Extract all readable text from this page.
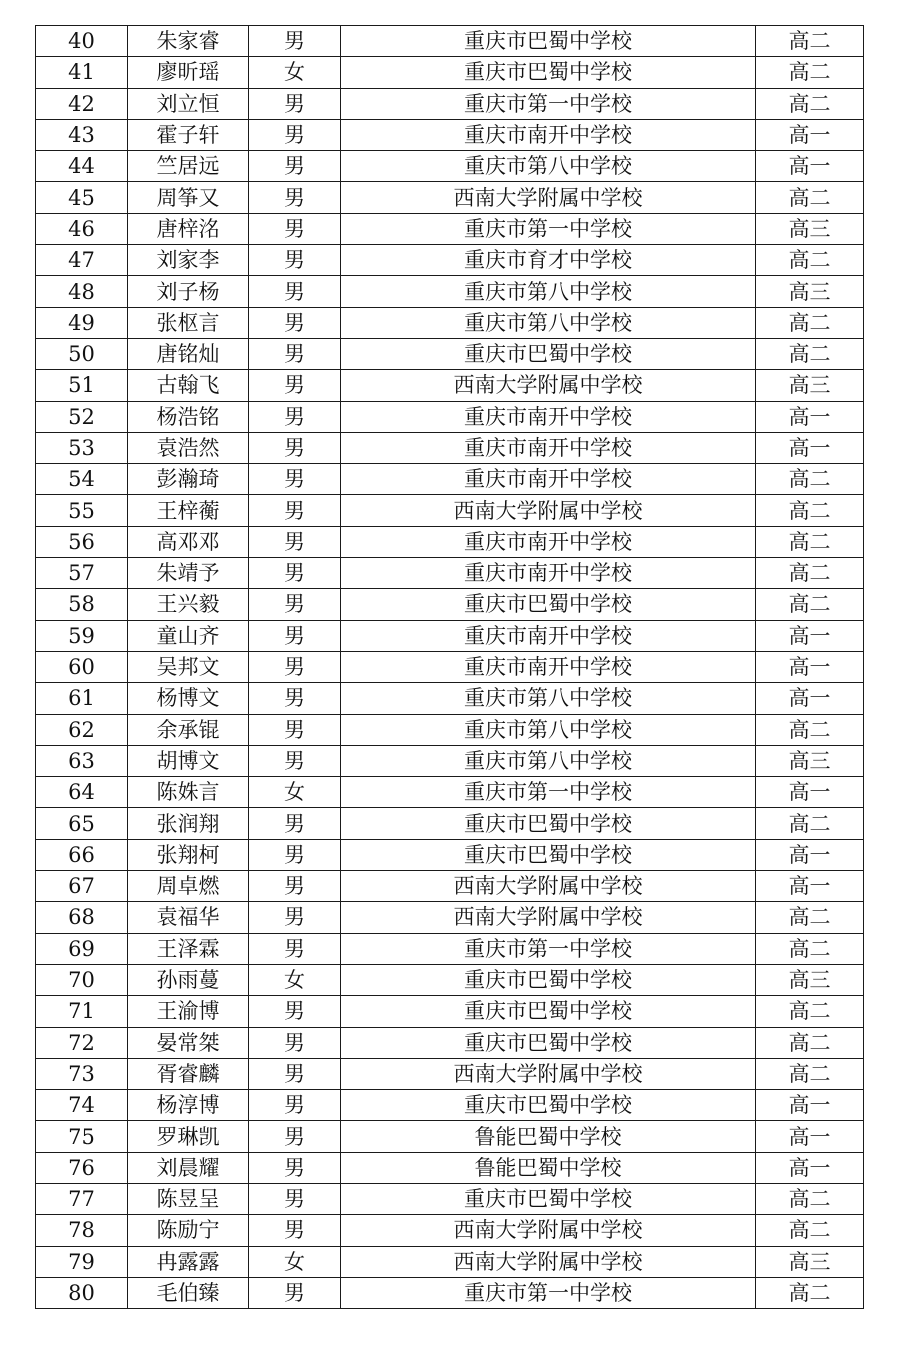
40	朱家睿	男	重庆市巴蜀中学校	高二
41	廖昕瑶	女	重庆市巴蜀中学校	高二
42	刘立恒	男	重庆市第一中学校	高二
43	霍子轩	男	重庆市南开中学校	高一
44	竺居远	男	重庆市第八中学校	高一
45	周筝又	男	西南大学附属中学校	高二
46	唐梓洺	男	重庆市第一中学校	高三
47	刘家李	男	重庆市育才中学校	高二
48	刘子杨	男	重庆市第八中学校	高三
49	张枢言	男	重庆市第八中学校	高二
50	唐铭灿	男	重庆市巴蜀中学校	高二
51	古翰飞	男	西南大学附属中学校	高三
52	杨浩铭	男	重庆市南开中学校	高一
53	袁浩然	男	重庆市南开中学校	高一
54	彭瀚琦	男	重庆市南开中学校	高二
55	王梓蘅	男	西南大学附属中学校	高二
56	高邓邓	男	重庆市南开中学校	高二
57	朱靖予	男	重庆市南开中学校	高二
58	王兴毅	男	重庆市巴蜀中学校	高二
59	童山齐	男	重庆市南开中学校	高一
60	吴邦文	男	重庆市南开中学校	高一
61	杨博文	男	重庆市第八中学校	高一
62	余承锟	男	重庆市第八中学校	高二
63	胡博文	男	重庆市第八中学校	高三
64	陈姝言	女	重庆市第一中学校	高一
65	张润翔	男	重庆市巴蜀中学校	高二
66	张翔柯	男	重庆市巴蜀中学校	高一
67	周卓燃	男	西南大学附属中学校	高一
68	袁福华	男	西南大学附属中学校	高二
69	王泽霖	男	重庆市第一中学校	高二
70	孙雨蔓	女	重庆市巴蜀中学校	高三
71	王渝博	男	重庆市巴蜀中学校	高二
72	晏常桀	男	重庆市巴蜀中学校	高二
73	胥睿麟	男	西南大学附属中学校	高二
74	杨淳博	男	重庆市巴蜀中学校	高一
75	罗琳凯	男	鲁能巴蜀中学校	高一
76	刘晨耀	男	鲁能巴蜀中学校	高一
77	陈昱呈	男	重庆市巴蜀中学校	高二
78	陈励宁	男	西南大学附属中学校	高二
79	冉露露	女	西南大学附属中学校	高三
80	毛伯臻	男	重庆市第一中学校	高二
